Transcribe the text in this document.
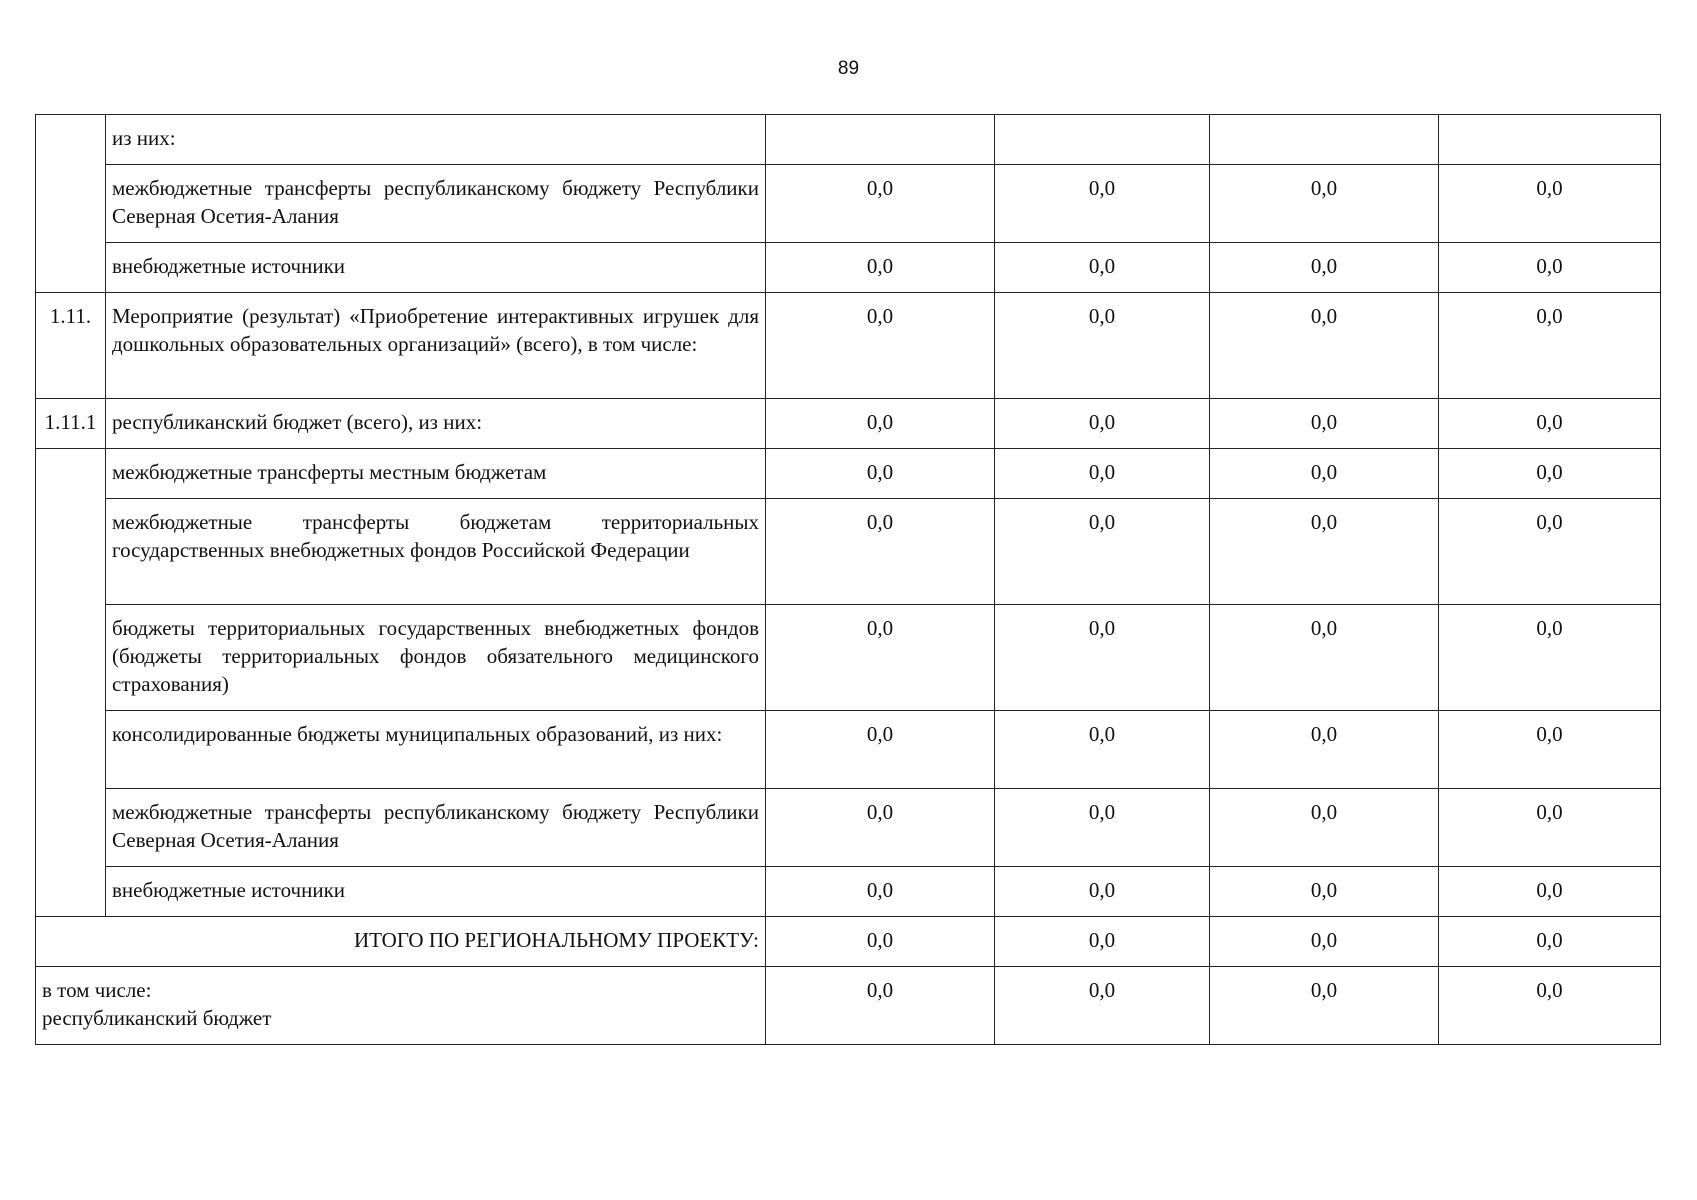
89
	из них:				
	межбюджетные трансферты республиканскому бюджету Республики Северная Осетия-Алания	0,0	0,0	0,0	0,0
	внебюджетные источники	0,0	0,0	0,0	0,0
1.11.	Мероприятие (результат) «Приобретение интерактивных игрушек для дошкольных образовательных организаций» (всего), в том числе:	0,0	0,0	0,0	0,0
1.11.1	республиканский бюджет (всего), из них:	0,0	0,0	0,0	0,0
	межбюджетные трансферты местным бюджетам	0,0	0,0	0,0	0,0
	межбюджетные трансферты бюджетам территориальных государственных внебюджетных фондов Российской Федерации	0,0	0,0	0,0	0,0
	бюджеты территориальных государственных внебюджетных фондов (бюджеты территориальных фондов обязательного медицинского страхования)	0,0	0,0	0,0	0,0
	консолидированные бюджеты муниципальных образований, из них:	0,0	0,0	0,0	0,0
	межбюджетные трансферты республиканскому бюджету Республики Северная Осетия-Алания	0,0	0,0	0,0	0,0
	внебюджетные источники	0,0	0,0	0,0	0,0
ИТОГО ПО РЕГИОНАЛЬНОМУ ПРОЕКТУ:		0,0	0,0	0,0	0,0

в том числе:
республиканский бюджет		0,0	0,0	0,0	0,0
